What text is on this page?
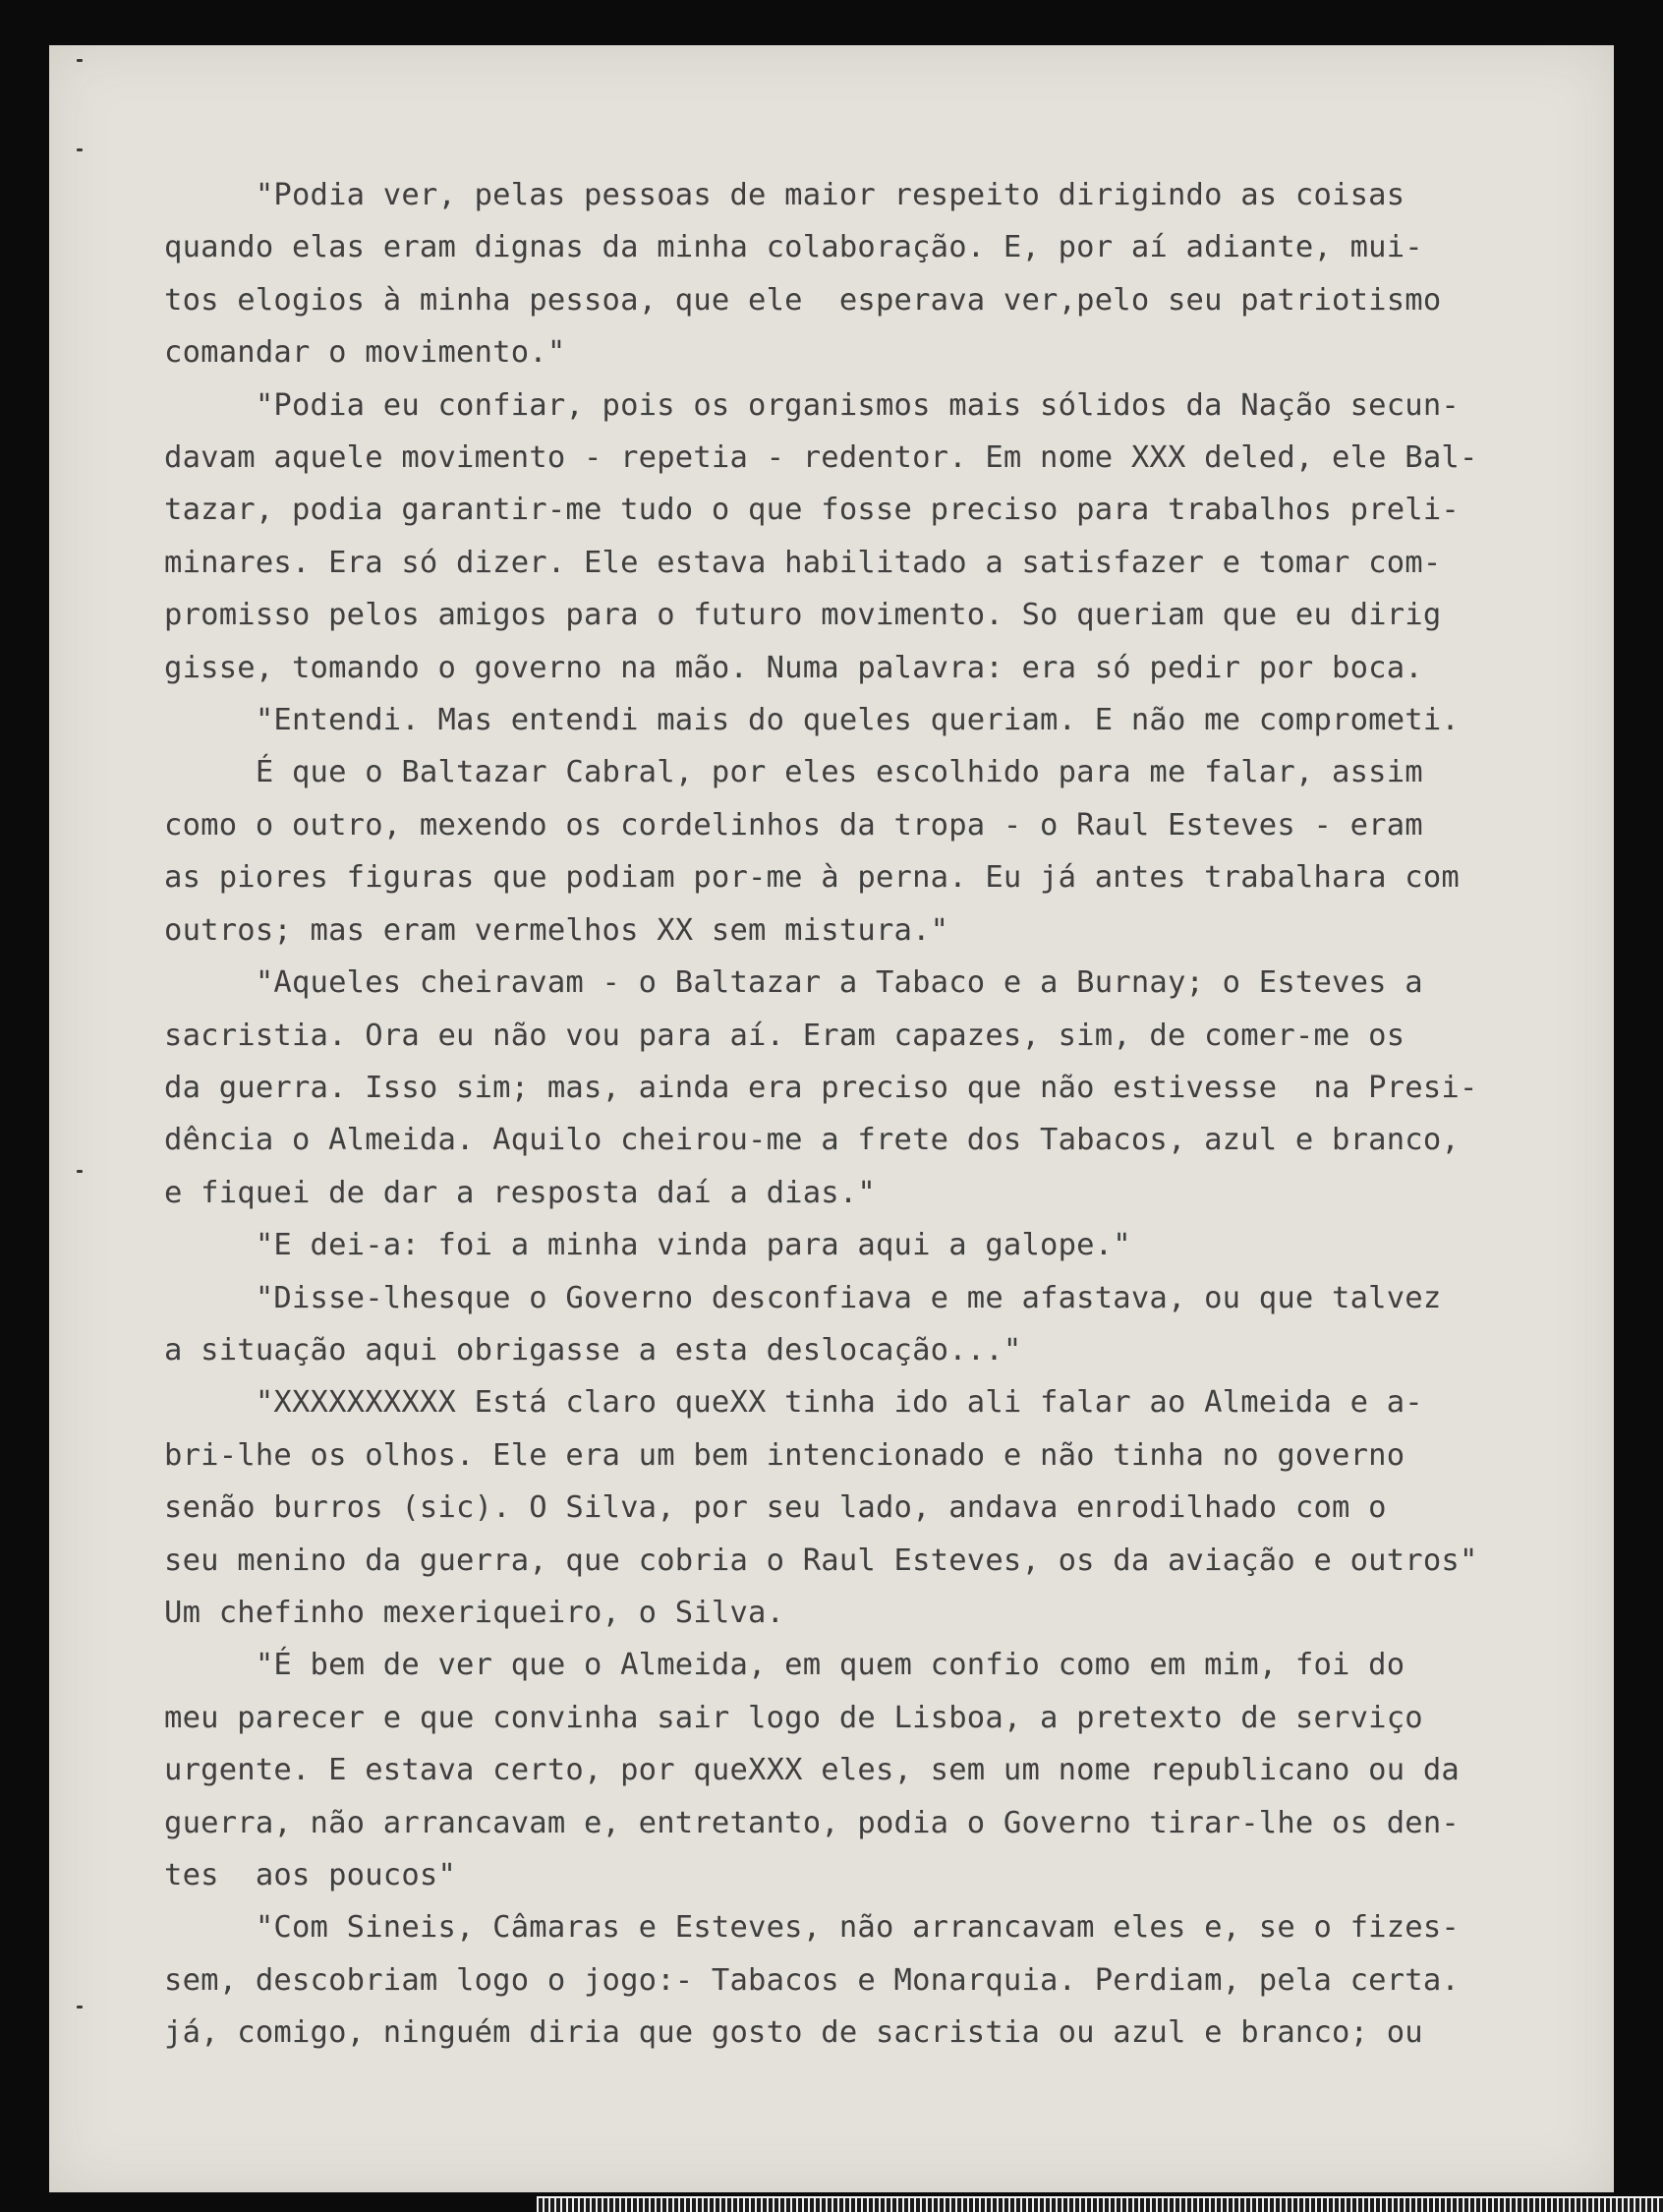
"Podia ver, pelas pessoas de maior respeito dirigindo as coisas

quando elas eram dignas da minha colaboração. E, por aí adiante, mui-

tos elogios à minha pessoa, que ele  esperava ver,pelo seu patriotismo

comandar o movimento."

"Podia eu confiar, pois os organismos mais sólidos da Nação secun-

davam aquele movimento - repetia - redentor. Em nome XXX deled, ele Bal-

tazar, podia garantir-me tudo o que fosse preciso para trabalhos preli-

minares. Era só dizer. Ele estava habilitado a satisfazer e tomar com-

promisso pelos amigos para o futuro movimento. So queriam que eu dirig

gisse, tomando o governo na mão. Numa palavra: era só pedir por boca.

"Entendi. Mas entendi mais do queles queriam. E não me comprometi.

É que o Baltazar Cabral, por eles escolhido para me falar, assim

como o outro, mexendo os cordelinhos da tropa - o Raul Esteves - eram

as piores figuras que podiam por-me à perna. Eu já antes trabalhara com

outros; mas eram vermelhos XX sem mistura."

"Aqueles cheiravam - o Baltazar a Tabaco e a Burnay; o Esteves a

sacristia. Ora eu não vou para aí. Eram capazes, sim, de comer-me os

da guerra. Isso sim; mas, ainda era preciso que não estivesse  na Presi-

dência o Almeida. Aquilo cheirou-me a frete dos Tabacos, azul e branco,

e fiquei de dar a resposta daí a dias."

"E dei-a: foi a minha vinda para aqui a galope."

"Disse-lhesque o Governo desconfiava e me afastava, ou que talvez

a situação aqui obrigasse a esta deslocação..."

"XXXXXXXXXX Está claro queXX tinha ido ali falar ao Almeida e a-

bri-lhe os olhos. Ele era um bem intencionado e não tinha no governo

senão burros (sic). O Silva, por seu lado, andava enrodilhado com o

seu menino da guerra, que cobria o Raul Esteves, os da aviação e outros"

Um chefinho mexeriqueiro, o Silva.

"É bem de ver que o Almeida, em quem confio como em mim, foi do

meu parecer e que convinha sair logo de Lisboa, a pretexto de serviço

urgente. E estava certo, por queXXX eles, sem um nome republicano ou da

guerra, não arrancavam e, entretanto, podia o Governo tirar-lhe os den-

tes  aos poucos"

"Com Sineis, Câmaras e Esteves, não arrancavam eles e, se o fizes-

sem, descobriam logo o jogo:- Tabacos e Monarquia. Perdiam, pela certa.

já, comigo, ninguém diria que gosto de sacristia ou azul e branco; ou
